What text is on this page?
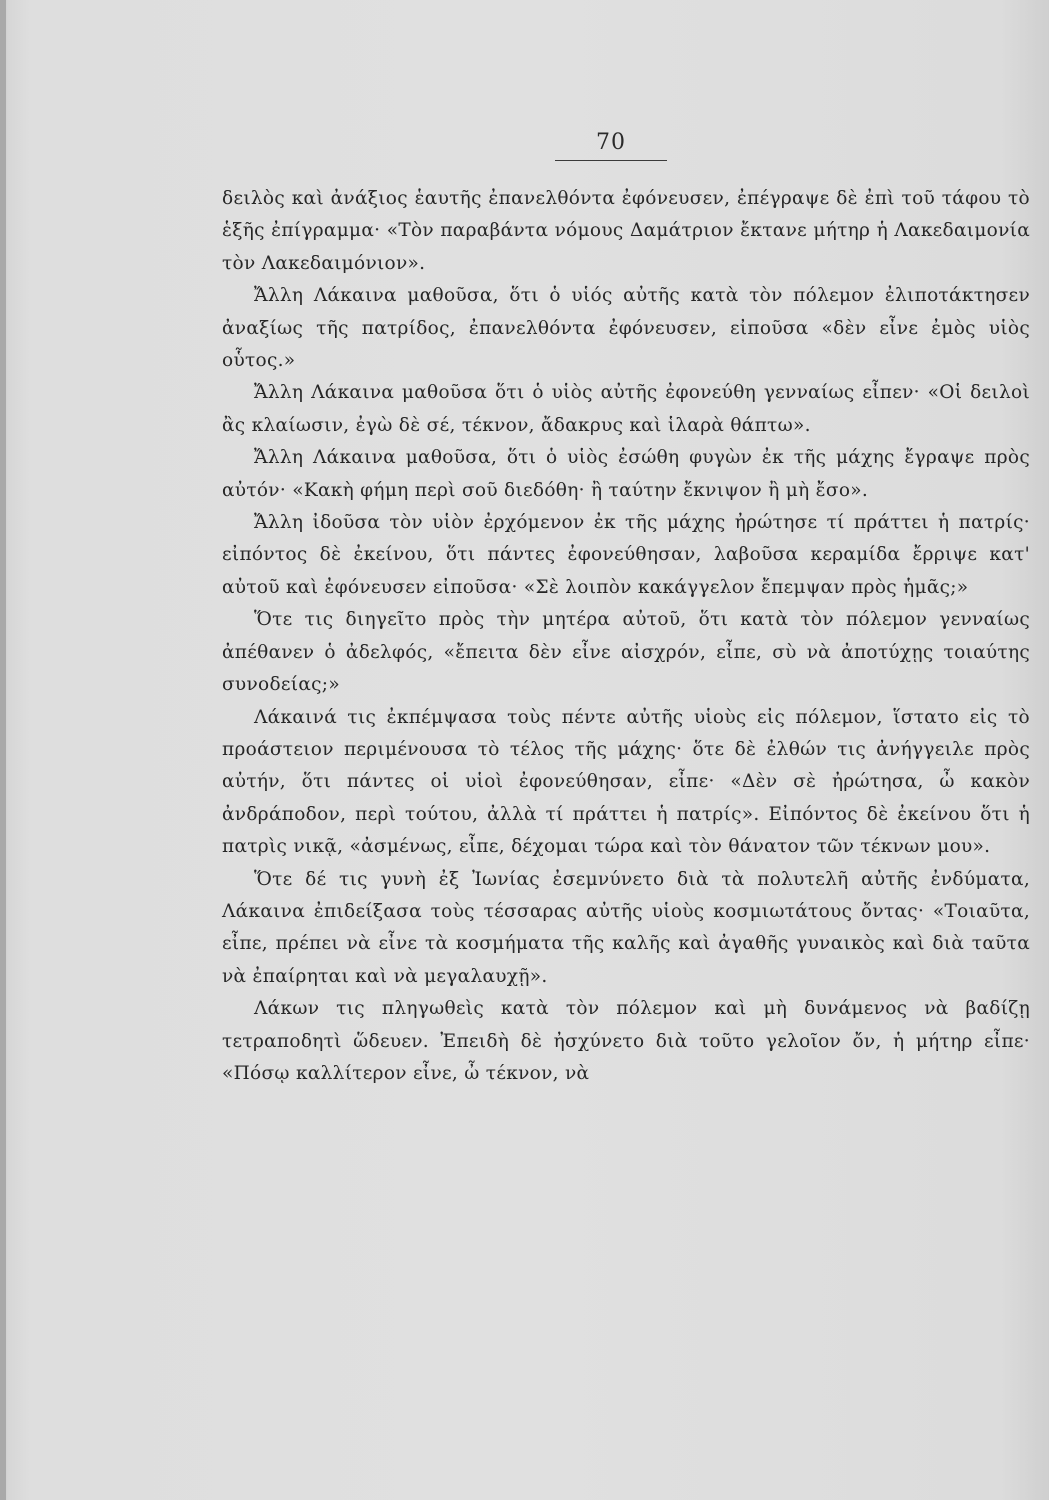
70

δειλὸς καὶ ἀνάξιος ἑαυτῆς ἐπανελθόντα ἐφόνευσεν, ἐπέγραψε δὲ ἐπὶ τοῦ τάφου τὸ ἑξῆς ἐπίγραμμα· «Τὸν παραβάντα νόμους Δαμάτριον ἔκτανε μήτηρ ἡ Λακεδαιμονία τὸν Λακεδαιμόνιον».

Ἄλλη Λάκαινα μαθοῦσα, ὅτι ὁ υἱός αὐτῆς κατὰ τὸν πόλεμον ἐλιποτάκτησεν ἀναξίως τῆς πατρίδος, ἐπανελθόντα ἐφόνευσεν, εἰποῦσα «δὲν εἶνε ἐμὸς υἱὸς οὗτος.»

Ἄλλη Λάκαινα μαθοῦσα ὅτι ὁ υἱὸς αὐτῆς ἐφονεύθη γενναίως εἶπεν· «Οἱ δειλοὶ ἂς κλαίωσιν, ἐγὼ δὲ σέ, τέκνον, ἄδακρυς καὶ ἱλαρὰ θάπτω».

Ἄλλη Λάκαινα μαθοῦσα, ὅτι ὁ υἱὸς ἐσώθη φυγὼν ἐκ τῆς μάχης ἔγραψε πρὸς αὐτόν· «Κακὴ φήμη περὶ σοῦ διεδόθη· ἢ ταύτην ἔκνιψον ἢ μὴ ἔσο».

Ἄλλη ἰδοῦσα τὸν υἱὸν ἐρχόμενον ἐκ τῆς μάχης ἠρώτησε τί πράττει ἡ πατρίς· εἰπόντος δὲ ἐκείνου, ὅτι πάντες ἐφονεύθησαν, λαβοῦσα κεραμίδα ἔρριψε κατ' αὐτοῦ καὶ ἐφόνευσεν εἰποῦσα· «Σὲ λοιπὸν κακάγγελον ἔπεμψαν πρὸς ἡμᾶς;»

Ὅτε τις διηγεῖτο πρὸς τὴν μητέρα αὐτοῦ, ὅτι κατὰ τὸν πόλεμον γενναίως ἀπέθανεν ὁ ἀδελφός, «ἔπειτα δὲν εἶνε αἰσχρόν, εἶπε, σὺ νὰ ἀποτύχῃς τοιαύτης συνοδείας;»

Λάκαινά τις ἐκπέμψασα τοὺς πέντε αὐτῆς υἱοὺς εἰς πόλεμον, ἵστατο εἰς τὸ προάστειον περιμένουσα τὸ τέλος τῆς μάχης· ὅτε δὲ ἐλθών τις ἀνήγγειλε πρὸς αὐτήν, ὅτι πάντες οἱ υἱοὶ ἐφονεύθησαν, εἶπε· «Δὲν σὲ ἠρώτησα, ὦ κακὸν ἀνδράποδον, περὶ τούτου, ἀλλὰ τί πράττει ἡ πατρίς». Εἰπόντος δὲ ἐκείνου ὅτι ἡ πατρὶς νικᾷ, «ἀσμένως, εἶπε, δέχομαι τώρα καὶ τὸν θάνατον τῶν τέκνων μου».

Ὅτε δέ τις γυνὴ ἐξ Ἰωνίας ἐσεμνύνετο διὰ τὰ πολυτελῆ αὐτῆς ἐνδύματα, Λάκαινα ἐπιδείξασα τοὺς τέσσαρας αὐτῆς υἱοὺς κοσμιωτάτους ὄντας· «Τοιαῦτα, εἶπε, πρέπει νὰ εἶνε τὰ κοσμήματα τῆς καλῆς καὶ ἀγαθῆς γυναικὸς καὶ διὰ ταῦτα νὰ ἐπαίρηται καὶ νὰ μεγαλαυχῇ».

Λάκων τις πληγωθεὶς κατὰ τὸν πόλεμον καὶ μὴ δυνάμενος νὰ βαδίζῃ τετραποδητὶ ὥδευεν. Ἐπειδὴ δὲ ἠσχύνετο διὰ τοῦτο γελοῖον ὄν, ἡ μήτηρ εἶπε· «Πόσῳ καλλίτερον εἶνε, ὦ τέκνον, νὰ
